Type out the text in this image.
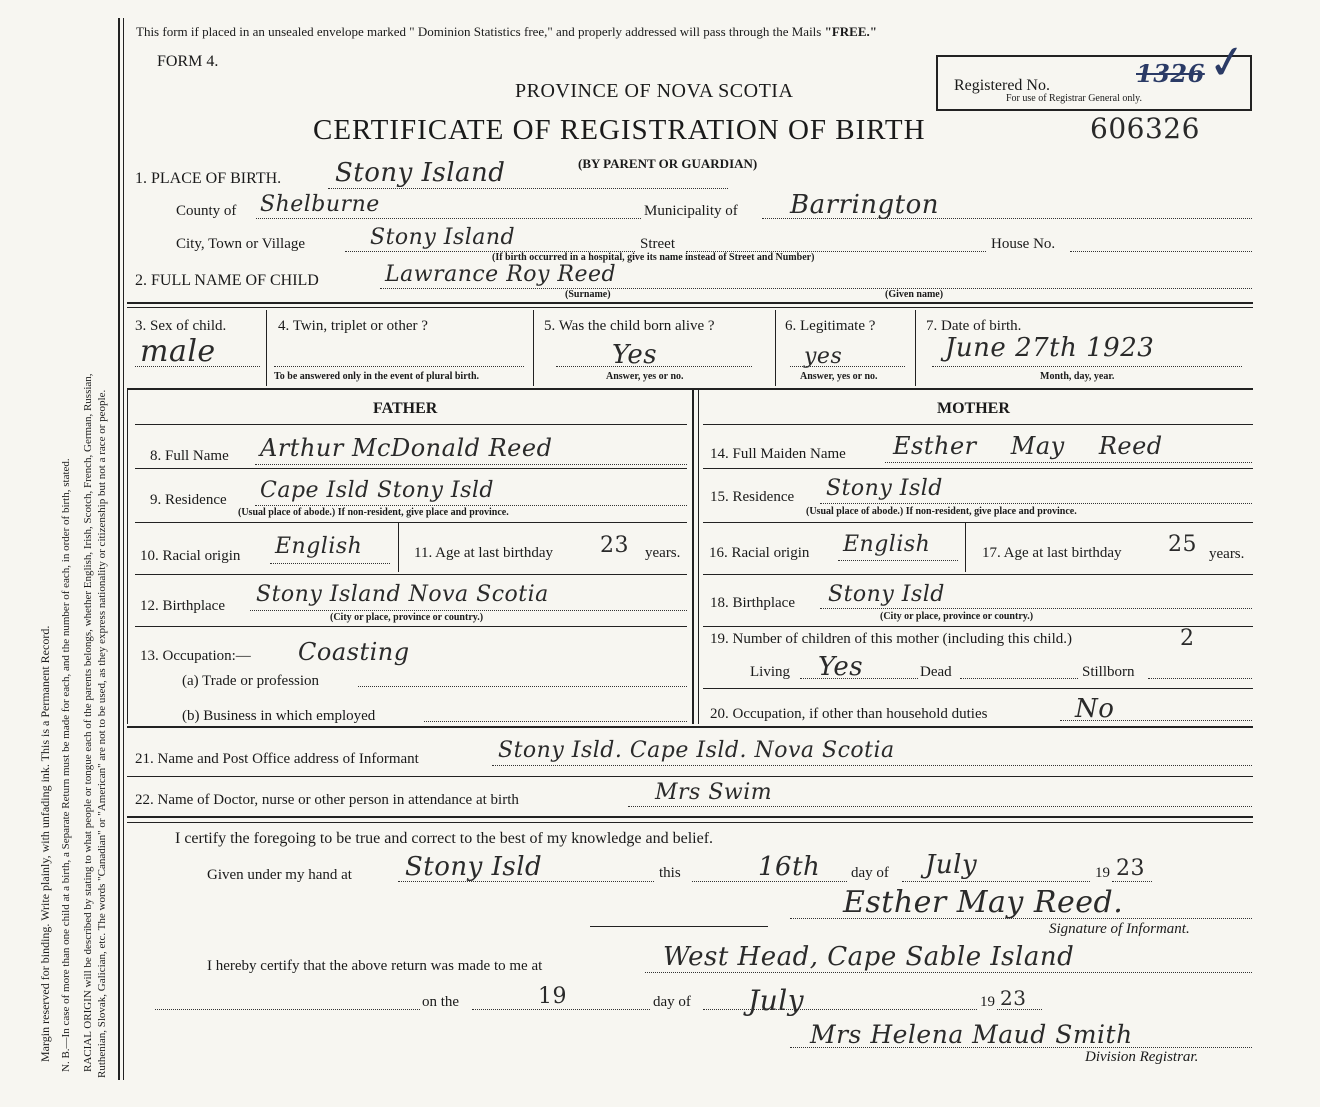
Margin reserved for binding. Write plainly, with unfading ink. This is a Permanent Record. N. B.—In case of more than one child at a birth, a Separate Return must be made for each, and the number of each, in order of birth, stated. RACIAL ORIGIN will be described by stating to what people or tongue each of the parents belongs, whether English, Irish, Scotch, French, German, Russian, Ruthenian, Slovak, Galician, etc. The words "Canadian" or "American" are not to be used, as they express nationality or citizenship but not a race or people.
This form if placed in an unsealed envelope marked " Dominion Statistics free," and properly addressed will pass through the Mails "FREE."
FORM 4.
PROVINCE OF NOVA SCOTIA	Registered No.	1326
For use of Registrar General only.
✓
CERTIFICATE OF REGISTRATION OF BIRTH	606326
(BY PARENT OR GUARDIAN)
1. PLACE OF BIRTH. Stony Island
County of Shelburne	Municipality of Barrington
City, Town or Village	Stony Island	Street	House No.
(If birth occurred in a hospital, give its name instead of Street and Number)
2. FULL NAME OF CHILD	Lawrance Roy Reed
(Surname)	(Given name)
3. Sex of child.
male
4. Twin, triplet or other ?
To be answered only in the event of plural birth.
5. Was the child born alive ?
Yes
Answer, yes or no.
6. Legitimate ?
yes
Answer, yes or no.
7. Date of birth.
June 27th 1923
Month, day, year.
FATHER	MOTHER
8. Full Name Arthur McDonald Reed
9. Residence Cape Isld Stony Isld
(Usual place of abode.) If non-resident, give place and province.
10. Racial origin English	11. Age at last birthday 23 years.
12. Birthplace Stony Island Nova Scotia
(City or place, province or country.)
13. Occupation:— Coasting
(a) Trade or profession
(b) Business in which employed
14. Full Maiden Name Esther May Reed
15. Residence Stony Isld
(Usual place of abode.) If non-resident, give place and province.
16. Racial origin English	17. Age at last birthday 25 years.
18. Birthplace Stony Isld
(City or place, province or country.)
19. Number of children of this mother (including this child.)	2
Living Yes	Dead	Stillborn
20. Occupation, if other than household duties	No
21. Name and Post Office address of Informant	Stony Isld. Cape Isld. Nova Scotia
22. Name of Doctor, nurse or other person in attendance at birth	Mrs Swim
I certify the foregoing to be true and correct to the best of my knowledge and belief.
Given under my hand at Stony Isld	this	16th day of July	19 23
Esther May Reed.
Signature of Informant.
I hereby certify that the above return was made to me at	West Head, Cape Sable Island
on the	19	day of July	19 23
Mrs Helena Maud Smith
Division Registrar.
